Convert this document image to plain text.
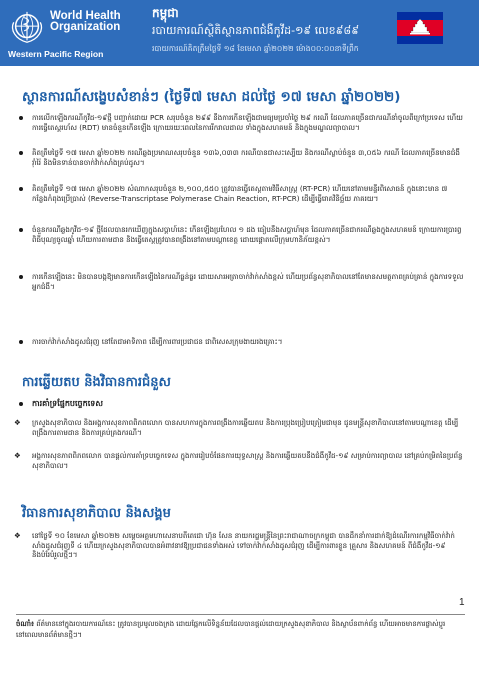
World Health
Organization
Western Pacific Region
កម្ពុជា
របាយការណ៍ស្ថិតិស្ថានភាពជំងឺកូវីដ-១៩ លេខ៩៨៩
របាយការណ៍គិតត្រឹមថ្ងៃទី ១៨ ខែមេសា ឆ្នាំ២០២២ ម៉ោង០០:០០នាទីព្រឹក
ស្ថានការណ៍សង្ខេបសំខាន់ៗ (ថ្ងៃទី៧ មេសា ដល់ថ្ងៃ ១៧ មេសា ឆ្នាំ២០២២)
ការលើកឡើងករណីកូវីដ-១៩ថ្មី បញ្ជាក់ដោយ PCR សរុបចំនួន ២៩៩ នឹងការកើនឡើងជាមធ្យមប្រចាំថ្ងៃ ២៩ ករណី ដែលភាគច្រើនជាករណីនាំចូលពីក្រៅប្រទេស ហើយការធ្វើតេស្តរហ័ស (RDT) មានចំនួនកើនឡើង ក្រោយរយៈពេលនៃការរីករាលដាល ទាំងក្នុងសហគមន៍ និងក្នុងមណ្ឌលព្យាបាល។
គិតត្រឹមថ្ងៃទី ១៧ មេសា ឆ្នាំ២០២២ ករណីឆ្លងប្រមាណសរុបចំនួន ១៣៦,០៣៣ ករណីបានជាសះស្បើយ និងករណីស្លាប់ចំនួន ៣,០៥៦ ករណី ដែលភាគច្រើនមានជំងឺរ៉ាំរ៉ៃ និងមិនទាន់បានចាក់វ៉ាក់សាំងគ្រប់ដូស។
គិតត្រឹមថ្ងៃទី ១៧ មេសា ឆ្នាំ២០២២ សំណាកសរុបចំនួន ២,១០០,៥៥០ ត្រូវបានធ្វើតេស្តតាមវិធីសាស្ត្រ (RT-PCR) ហើយនៅតាមមន្ទីរពិសោធន៍ ក្នុងនោះមាន ៧ កន្លែងកំពុងប្រើប្រាស់ (Reverse-Transcriptase Polymerase Chain Reaction, RT-PCR) ដើម្បីធ្វើរោគវិនិច្ឆ័យ ភាគរយ។
ចំនួនករណីឆ្លងកូវីដ-១៩ ថ្មីដែលបានរកឃើញក្នុងសប្តាហ៍នេះ កើនឡើងប្រហែល ១ ដង ធៀបនឹងសប្តាហ៍មុន ដែលភាគច្រើនជាករណីឆ្លងក្នុងសហគមន៍ ក្រោយការប្រារព្ធពិធីបុណ្យចូលឆ្នាំ ហើយការតាមដាន និងធ្វើតេស្តត្រូវបានពង្រឹងនៅតាមបណ្តាខេត្ត ដោយផ្តោតលើក្រុមហានិភ័យខ្ពស់។
ការកើនឡើងនេះ មិនបានបង្កឱ្យមានការកើនឡើងនៃករណីធ្ងន់ធ្ងរ ដោយសារអត្រាចាក់វ៉ាក់សាំងខ្ពស់ ហើយប្រព័ន្ធសុខាភិបាលនៅតែមានសមត្ថភាពគ្រប់គ្រាន់ ក្នុងការទទួលអ្នកជំងឺ។
ការចាក់វ៉ាក់សាំងដូសជំរុញ នៅតែជាអាទិភាព ដើម្បីការពារប្រជាជន ជាពិសេសក្រុមងាយរងគ្រោះ។
ការឆ្លើយតប និងវិធានការជំនួស
ការគាំទ្រផ្នែកបច្ចេកទេស
❖ ក្រសួងសុខាភិបាល និងអង្គការសុខភាពពិភពលោក បានសហការក្នុងការពង្រឹងការឆ្លើយតប និងការប្រុងប្រៀបត្រៀមជាមុន ជូនមន្ត្រីសុខាភិបាលនៅតាមបណ្តាខេត្ត ដើម្បីពង្រឹងការតាមដាន និងការគ្រប់គ្រងករណី។
❖ អង្គការសុខភាពពិភពលោក បានផ្តល់ការគាំទ្របច្ចេកទេស ក្នុងការរៀបចំផែនការយុទ្ធសាស្ត្រ និងការឆ្លើយតបនឹងជំងឺកូវីដ-១៩ សម្រាប់ការព្យាបាល នៅគ្រប់កម្រិតនៃប្រព័ន្ធសុខាភិបាល។
វិធានការសុខាភិបាល និងសង្គម
❖ នៅថ្ងៃទី ១០ ខែមេសា ឆ្នាំ២០២២ សម្តេចអគ្គមហាសេនាបតីតេជោ ហ៊ុន សែន នាយករដ្ឋមន្ត្រីនៃព្រះរាជាណាចក្រកម្ពុជា បានដឹកនាំការដាក់ឱ្យដំណើរការកម្មវិធីចាក់វ៉ាក់សាំងដូសជំរុញទី ៤ ហើយក្រសួងសុខាភិបាលបានអំពាវនាវឱ្យប្រជាជនទាំងអស់ ទៅចាក់វ៉ាក់សាំងដូសជំរុញ ដើម្បីការពារខ្លួន គ្រួសារ និងសហគមន៍ ពីជំងឺកូវីដ-១៩ និងបំរែបំរួលថ្មីៗ។
1
ចំណាំ៖ ព័ត៌មាននៅក្នុងរបាយការណ៍នេះ ត្រូវបានប្រមូលចងក្រង ដោយផ្អែកលើទិន្នន័យដែលបានផ្តល់ដោយក្រសួងសុខាភិបាល និងស្ថាប័នពាក់ព័ន្ធ ហើយអាចមានការផ្លាស់ប្តូរ នៅពេលមានព័ត៌មានថ្មីៗ។
